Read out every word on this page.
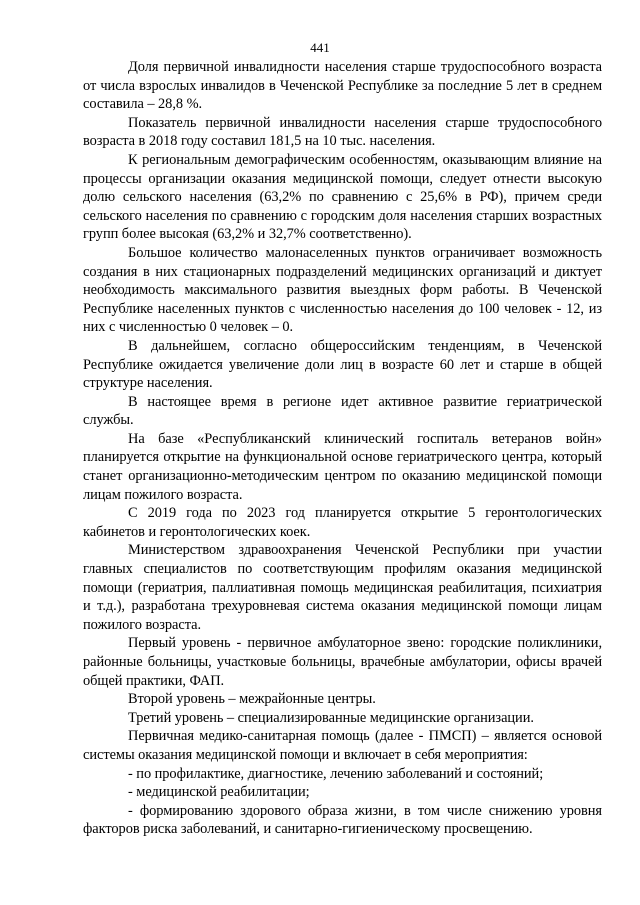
441

Доля первичной инвалидности населения старше трудоспособного возраста от числа взрослых инвалидов в Чеченской Республике за последние 5 лет в среднем составила – 28,8 %.

Показатель первичной инвалидности населения старше трудоспособного возраста в 2018 году составил 181,5 на 10 тыс. населения.

К региональным демографическим особенностям, оказывающим влияние на процессы организации оказания медицинской помощи, следует отнести высокую долю сельского населения (63,2% по сравнению с 25,6% в РФ), причем среди сельского населения по сравнению с городским доля населения старших возрастных групп более высокая (63,2% и 32,7% соответственно).

Большое количество малонаселенных пунктов ограничивает возможность создания в них стационарных подразделений медицинских организаций и диктует необходимость максимального развития выездных форм работы. В Чеченской Республике населенных пунктов с численностью населения до 100 человек - 12, из них с численностью 0 человек – 0.

В дальнейшем, согласно общероссийским тенденциям, в Чеченской Республике ожидается увеличение доли лиц в возрасте 60 лет и старше в общей структуре населения.

В настоящее время в регионе идет активное развитие гериатрической службы.

На базе «Республиканский клинический госпиталь ветеранов войн» планируется открытие на функциональной основе гериатрического центра, который станет организационно-методическим центром по оказанию медицинской помощи лицам пожилого возраста.

С 2019 года по 2023 год планируется открытие 5 геронтологических кабинетов и геронтологических коек.

Министерством здравоохранения Чеченской Республики при участии главных специалистов по соответствующим профилям оказания медицинской помощи (гериатрия, паллиативная помощь медицинская реабилитация, психиатрия и т.д.), разработана трехуровневая система оказания медицинской помощи лицам пожилого возраста.

Первый уровень - первичное амбулаторное звено: городские поликлиники, районные больницы, участковые больницы, врачебные амбулатории, офисы врачей общей практики, ФАП.

Второй уровень – межрайонные центры.

Третий уровень – специализированные медицинские организации.

Первичная медико-санитарная помощь (далее - ПМСП) – является основой системы оказания медицинской помощи и включает в себя мероприятия:

- по профилактике, диагностике, лечению заболеваний и состояний;

- медицинской реабилитации;

- формированию здорового образа жизни, в том числе снижению уровня факторов риска заболеваний, и санитарно-гигиеническому просвещению.
